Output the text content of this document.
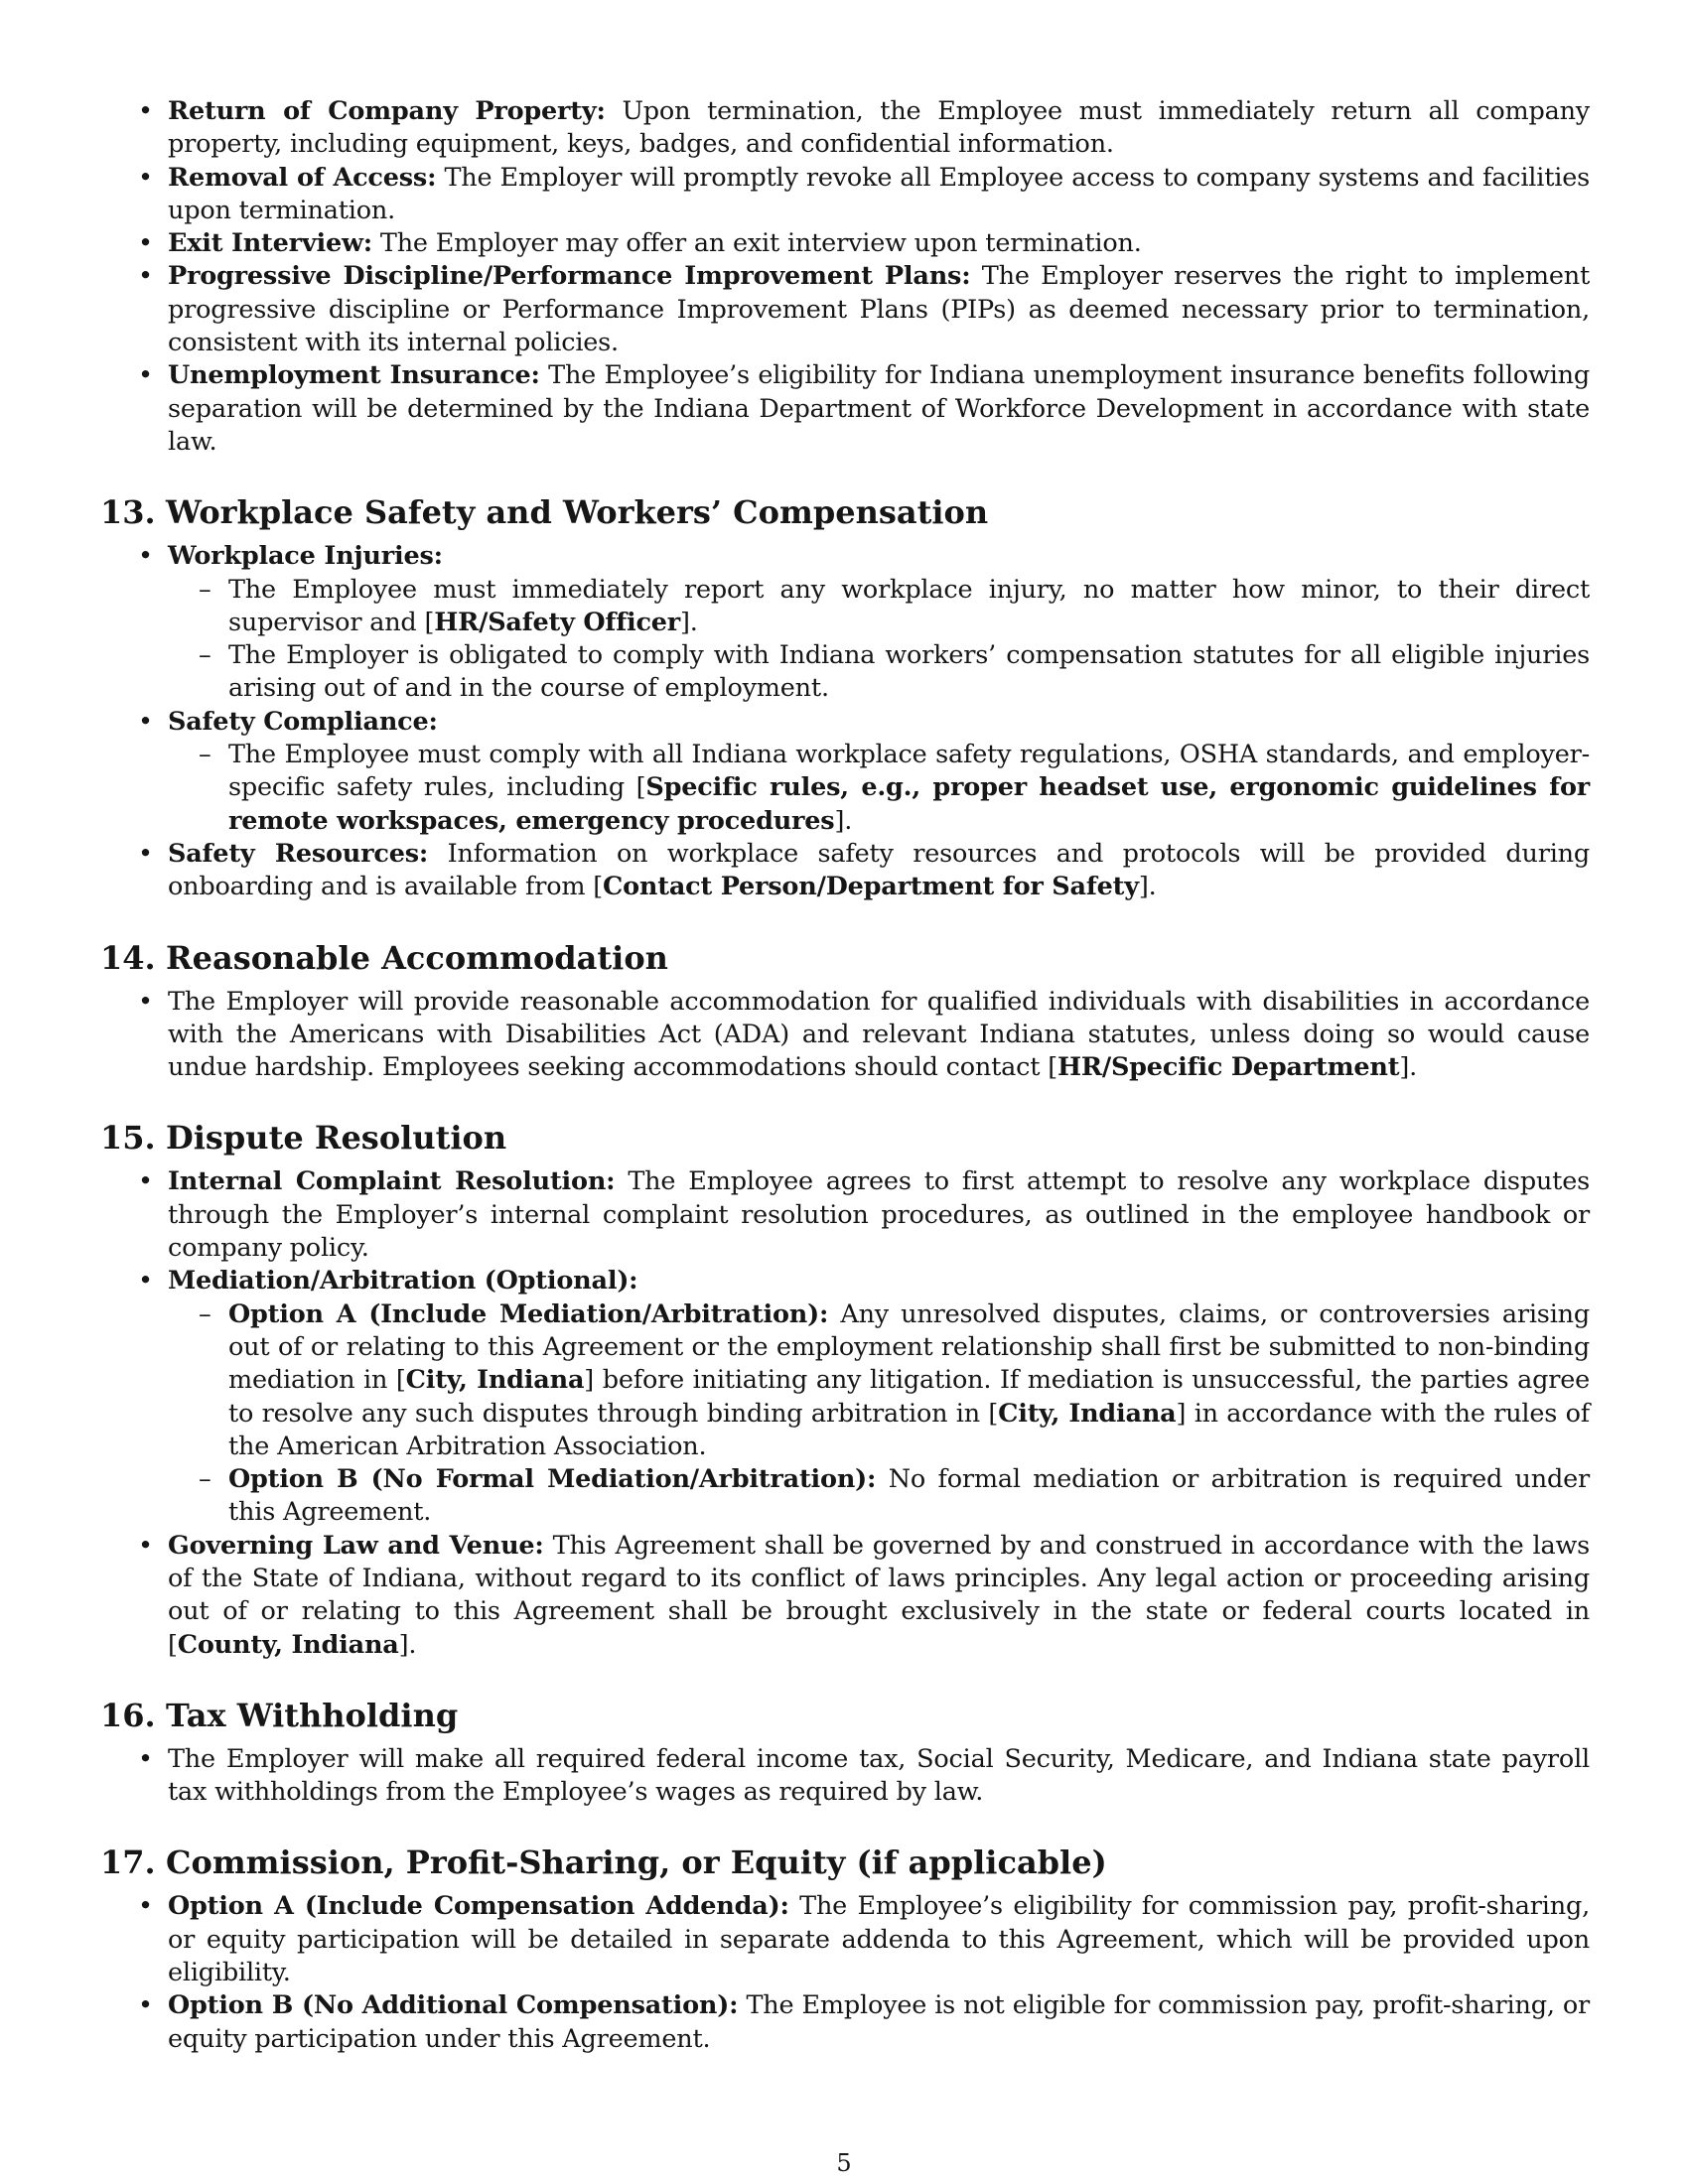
• Return of Company Property: Upon termination, the Employee must immediately return all company property, including equipment, keys, badges, and confidential information.
• Removal of Access: The Employer will promptly revoke all Employee access to company systems and facilities upon termination.
• Exit Interview: The Employer may offer an exit interview upon termination.
• Progressive Discipline/Performance Improvement Plans: The Employer reserves the right to implement progressive discipline or Performance Improvement Plans (PIPs) as deemed necessary prior to termination, consistent with its internal policies.
• Unemployment Insurance: The Employee’s eligibility for Indiana unemployment insurance benefits following separation will be determined by the Indiana Department of Workforce Development in accordance with state law.
13. Workplace Safety and Workers’ Compensation
• Workplace Injuries:
– The Employee must immediately report any workplace injury, no matter how minor, to their direct supervisor and [HR/Safety Officer].
– The Employer is obligated to comply with Indiana workers’ compensation statutes for all eligible injuries arising out of and in the course of employment.
• Safety Compliance:
– The Employee must comply with all Indiana workplace safety regulations, OSHA standards, and employer-specific safety rules, including [Specific rules, e.g., proper headset use, ergonomic guidelines for remote workspaces, emergency procedures].
• Safety Resources: Information on workplace safety resources and protocols will be provided during onboarding and is available from [Contact Person/Department for Safety].
14. Reasonable Accommodation
• The Employer will provide reasonable accommodation for qualified individuals with disabilities in accordance with the Americans with Disabilities Act (ADA) and relevant Indiana statutes, unless doing so would cause undue hardship. Employees seeking accommodations should contact [HR/Specific Department].
15. Dispute Resolution
• Internal Complaint Resolution: The Employee agrees to first attempt to resolve any workplace disputes through the Employer’s internal complaint resolution procedures, as outlined in the employee handbook or company policy.
• Mediation/Arbitration (Optional):
– Option A (Include Mediation/Arbitration): Any unresolved disputes, claims, or controversies arising out of or relating to this Agreement or the employment relationship shall first be submitted to non-binding mediation in [City, Indiana] before initiating any litigation. If mediation is unsuccessful, the parties agree to resolve any such disputes through binding arbitration in [City, Indiana] in accordance with the rules of the American Arbitration Association.
– Option B (No Formal Mediation/Arbitration): No formal mediation or arbitration is required under this Agreement.
• Governing Law and Venue: This Agreement shall be governed by and construed in accordance with the laws of the State of Indiana, without regard to its conflict of laws principles. Any legal action or proceeding arising out of or relating to this Agreement shall be brought exclusively in the state or federal courts located in [County, Indiana].
16. Tax Withholding
• The Employer will make all required federal income tax, Social Security, Medicare, and Indiana state payroll tax withholdings from the Employee’s wages as required by law.
17. Commission, Profit-Sharing, or Equity (if applicable)
• Option A (Include Compensation Addenda): The Employee’s eligibility for commission pay, profit-sharing, or equity participation will be detailed in separate addenda to this Agreement, which will be provided upon eligibility.
• Option B (No Additional Compensation): The Employee is not eligible for commission pay, profit-sharing, or equity participation under this Agreement.
5
